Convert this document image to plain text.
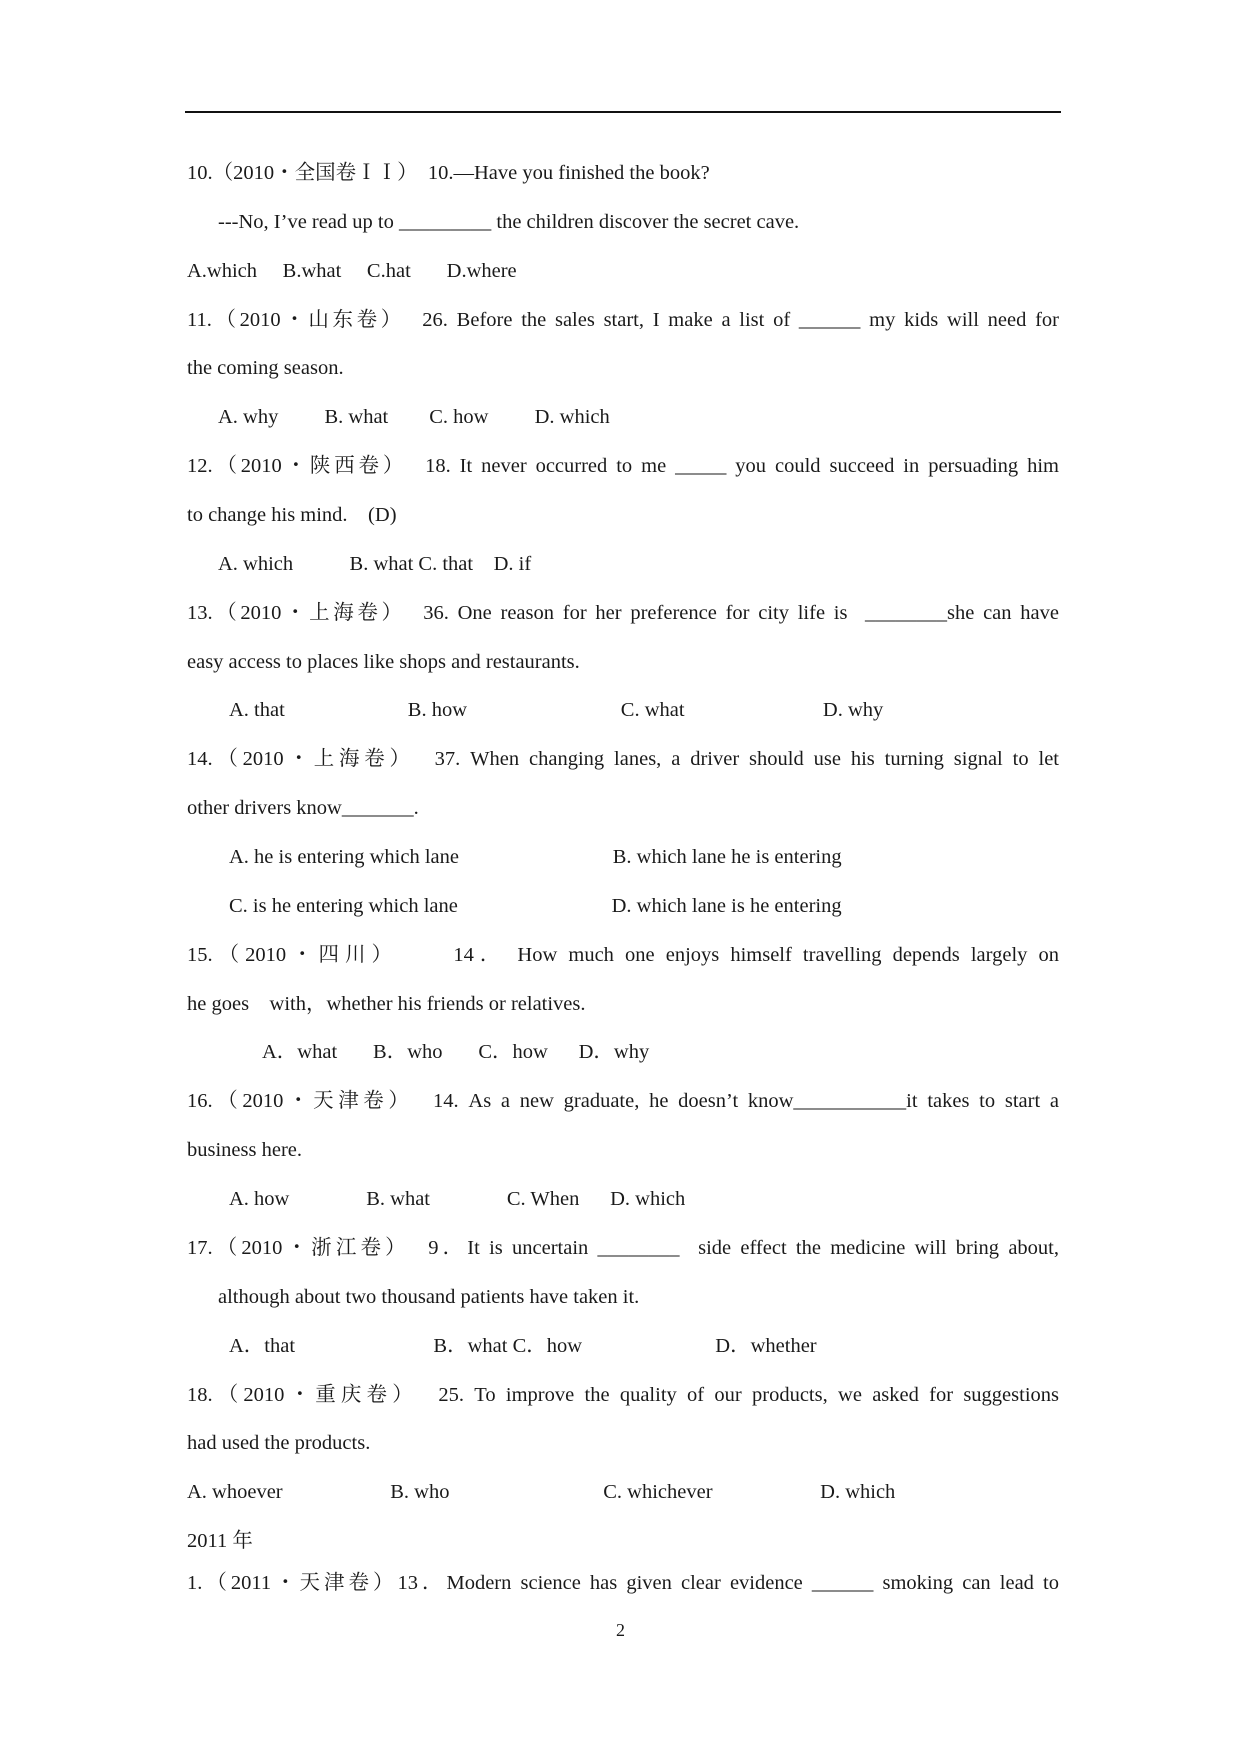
10.（2010・全国卷ＩＩ）  10.—Have you finished the book?
---No, I’ve read up to _________ the children discover the secret cave.
A.which     B.what     C.hat       D.where
11.（2010・山东卷）  26. Before the sales start, I make a list of ______ my kids will need for
the coming season.
A. why         B. what        C. how         D. which
12.（2010・陕西卷）  18. It never occurred to me _____ you could succeed in persuading him
to change his mind.    (D)
A. which           B. what C. that    D. if
13.（2010・上海卷）  36. One reason for her preference for city life is  ________she can have
easy access to places like shops and restaurants.
A. that                        B. how                              C. what                           D. why
14.（2010・上海卷）  37. When changing lanes, a driver should use his turning signal to let
other drivers know_______.
A. he is entering which lane                              B. which lane he is entering
C. is he entering which lane                              D. which lane is he entering
15.（2010・四川）     14． How much one enjoys himself travelling depends largely on
he goes    with，whether his friends or relatives.
A．what       B．who       C．how      D．why
16.（2010・天津卷）  14. As a new graduate, he doesn’t know___________it takes to start a
business here.
A. how               B. what               C. When      D. which
17.（2010・浙江卷）  9．It is uncertain ________  side effect the medicine will bring about,
although about two thousand patients have taken it.
A．that                           B．what C．how                          D．whether
18.（2010・重庆卷）  25. To improve the quality of our products, we asked for suggestions
had used the products.
A. whoever                     B. who                              C. whichever                     D. which
2011 年
1.（2011・天津卷）13．Modern science has given clear evidence ______ smoking can lead to
2
